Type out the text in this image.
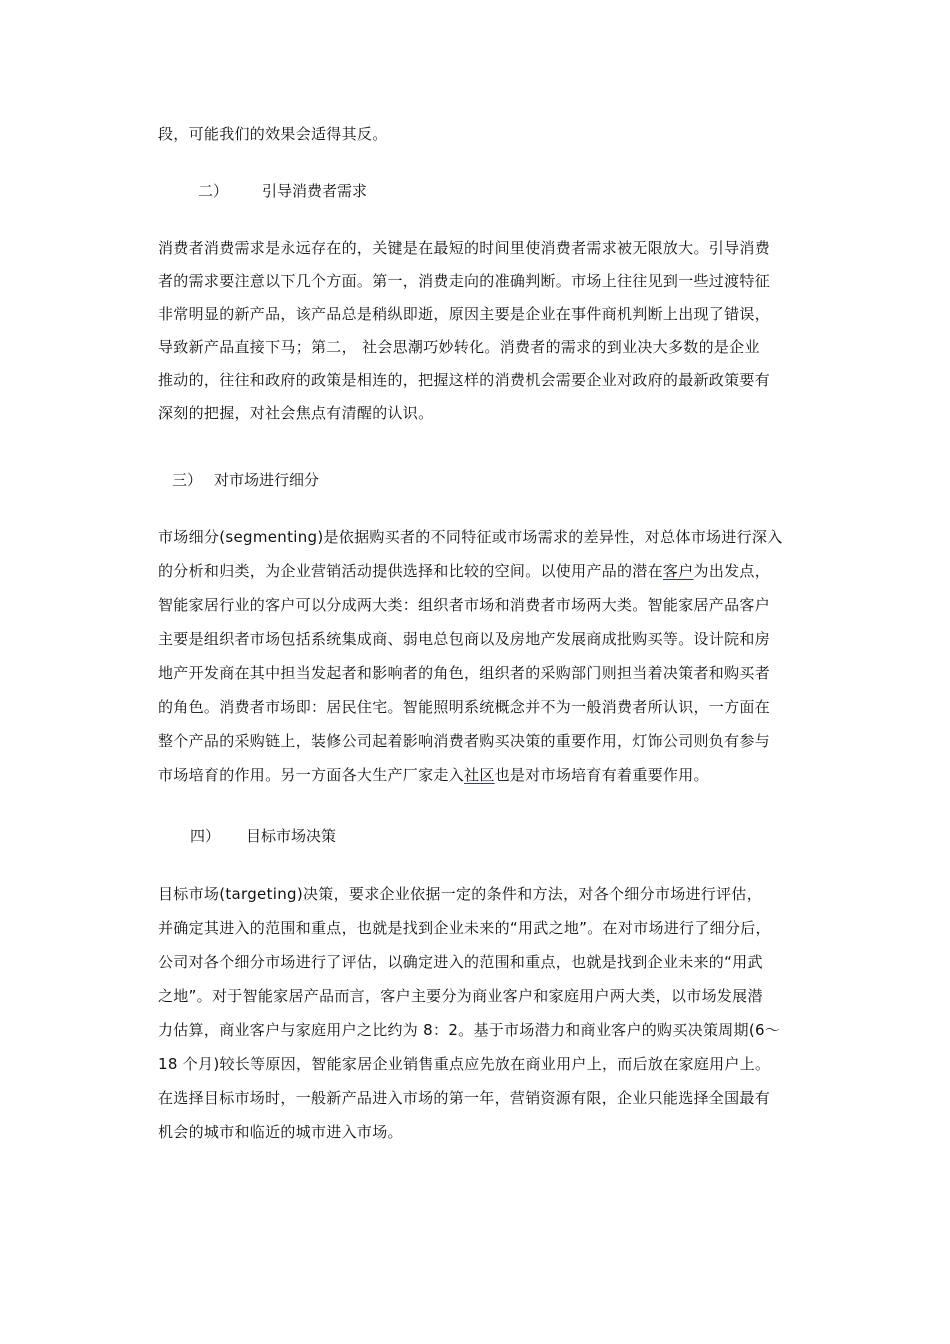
段，可能我们的效果会适得其反。
二） 引导消费者需求
消费者消费需求是永远存在的，关键是在最短的时间里使消费者需求被无限放大。引导消费
者的需求要注意以下几个方面。第一，消费走向的准确判断。市场上往往见到一些过渡特征
非常明显的新产品，该产品总是稍纵即逝，原因主要是企业在事件商机判断上出现了错误，
导致新产品直接下马；第二， 社会思潮巧妙转化。消费者的需求的到业决大多数的是企业
推动的，往往和政府的政策是相连的，把握这样的消费机会需要企业对政府的最新政策要有
深刻的把握，对社会焦点有清醒的认识。
三） 对市场进行细分
市场细分(segmenting)是依据购买者的不同特征或市场需求的差异性，对总体市场进行深入
的分析和归类，为企业营销活动提供选择和比较的空间。以使用产品的潜在客户为出发点，
智能家居行业的客户可以分成两大类：组织者市场和消费者市场两大类。智能家居产品客户
主要是组织者市场包括系统集成商、弱电总包商以及房地产发展商成批购买等。设计院和房
地产开发商在其中担当发起者和影响者的角色，组织者的采购部门则担当着决策者和购买者
的角色。消费者市场即：居民住宅。智能照明系统概念并不为一般消费者所认识，一方面在
整个产品的采购链上，装修公司起着影响消费者购买决策的重要作用，灯饰公司则负有参与
市场培育的作用。另一方面各大生产厂家走入社区也是对市场培育有着重要作用。
四） 目标市场决策
目标市场(targeting)决策，要求企业依据一定的条件和方法，对各个细分市场进行评估，
并确定其进入的范围和重点，也就是找到企业未来的“用武之地”。在对市场进行了细分后，
公司对各个细分市场进行了评估，以确定进入的范围和重点，也就是找到企业未来的“用武
之地”。对于智能家居产品而言，客户主要分为商业客户和家庭用户两大类，以市场发展潜
力估算，商业客户与家庭用户之比约为 8：2。基于市场潜力和商业客户的购买决策周期(6～
18 个月)较长等原因，智能家居企业销售重点应先放在商业用户上，而后放在家庭用户上。
在选择目标市场时，一般新产品进入市场的第一年，营销资源有限，企业只能选择全国最有
机会的城市和临近的城市进入市场。
